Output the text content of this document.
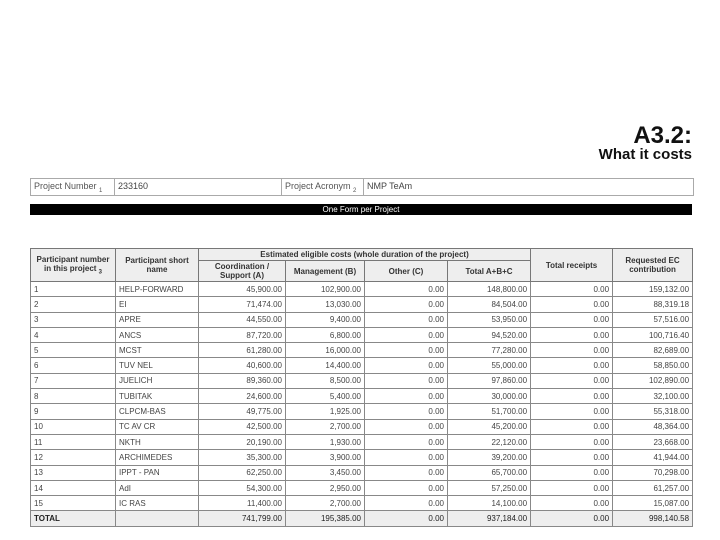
A3.2:
What it costs
Project Number $_1$	233160	Project Acronym $_2$	NMP TeAm
One Form per Project
Participant number in this project $_3$	Participant short name	Estimated eligible costs (whole duration of the project)				Total receipts	Requested EC contribution
		Coordination / Support (A)	Management (B)	Other (C)	Total A+B+C		
1	HELP-FORWARD	45,900.00	102,900.00	0.00	148,800.00	0.00	159,132.00
2	EI	71,474.00	13,030.00	0.00	84,504.00	0.00	88,319.18
3	APRE	44,550.00	9,400.00	0.00	53,950.00	0.00	57,516.00
4	ANCS	87,720.00	6,800.00	0.00	94,520.00	0.00	100,716.40
5	MCST	61,280.00	16,000.00	0.00	77,280.00	0.00	82,689.00
6	TUV NEL	40,600.00	14,400.00	0.00	55,000.00	0.00	58,850.00
7	JUELICH	89,360.00	8,500.00	0.00	97,860.00	0.00	102,890.00
8	TUBITAK	24,600.00	5,400.00	0.00	30,000.00	0.00	32,100.00
9	CLPCM-BAS	49,775.00	1,925.00	0.00	51,700.00	0.00	55,318.00
10	TC AV CR	42,500.00	2,700.00	0.00	45,200.00	0.00	48,364.00
11	NKTH	20,190.00	1,930.00	0.00	22,120.00	0.00	23,668.00
12	ARCHIMEDES	35,300.00	3,900.00	0.00	39,200.00	0.00	41,944.00
13	IPPT - PAN	62,250.00	3,450.00	0.00	65,700.00	0.00	70,298.00
14	AdI	54,300.00	2,950.00	0.00	57,250.00	0.00	61,257.00
15	IC RAS	11,400.00	2,700.00	0.00	14,100.00	0.00	15,087.00
TOTAL		741,799.00	195,385.00	0.00	937,184.00	0.00	998,140.58
